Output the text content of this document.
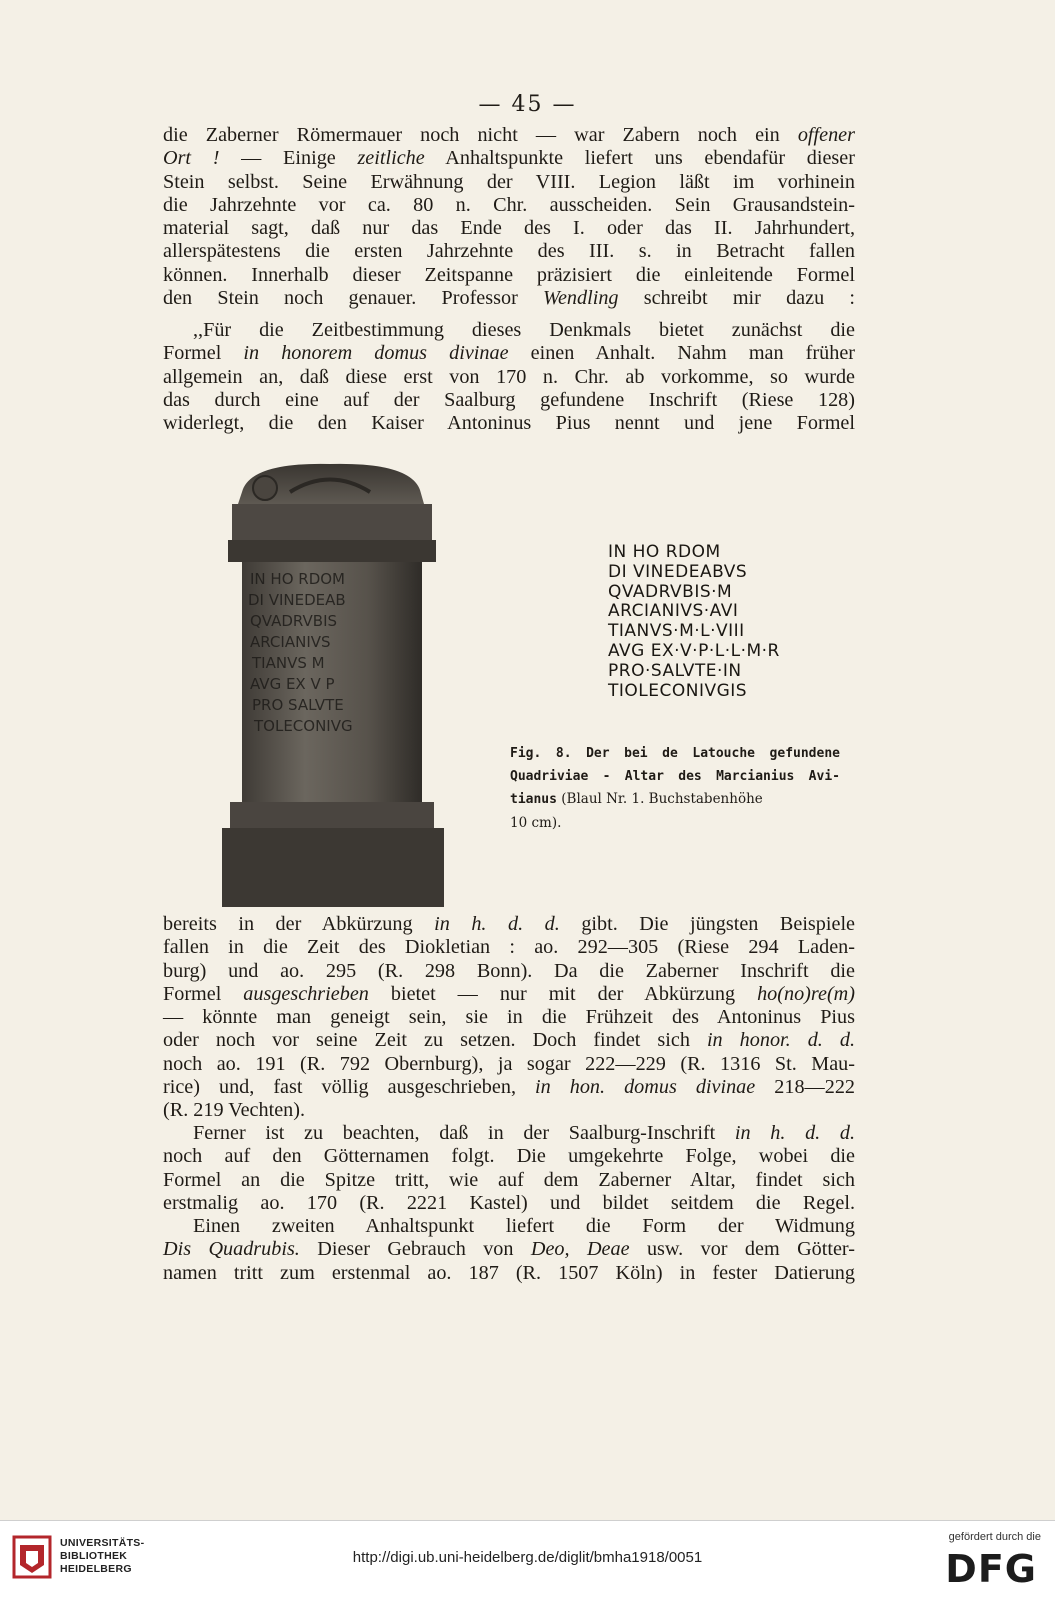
— 45 —
die Zaberner Römermauer noch nicht — war Zabern noch ein offener
Ort ! — Einige zeitliche Anhaltspunkte liefert uns ebendafür dieser
Stein selbst. Seine Erwähnung der VIII. Legion läßt im vorhinein
die Jahrzehnte vor ca. 80 n. Chr. ausscheiden. Sein Grausandstein-
material sagt, daß nur das Ende des I. oder das II. Jahrhundert,
allerspätestens die ersten Jahrzehnte des III. s. in Betracht fallen
können. Innerhalb dieser Zeitspanne präzisiert die einleitende Formel
den Stein noch genauer. Professor Wendling schreibt mir dazu :
,,Für die Zeitbestimmung dieses Denkmals bietet zunächst die
Formel in honorem domus divinae einen Anhalt. Nahm man früher
allgemein an, daß diese erst von 170 n. Chr. ab vorkomme, so wurde
das durch eine auf der Saalburg gefundene Inschrift (Riese 128)
widerlegt, die den Kaiser Antoninus Pius nennt und jene Formel
IN HO RDOM
DI VINEDEAB
QVADRVBIS
ARCIANIVS
TIANVS M
AVG EX V P
PRO SALVTE
TOLECONIVG
IN HO RDOM
DI VINEDEABVS
QVADRVBIS·M
ARCIANIVS·AVI
TIANVS·M·L·VIII
AVG EX·V·P·L·L·M·R
PRO·SALVTE·IN
TIOLECONIVGIS
Fig. 8. Der bei de Latouche gefundene
Quadriviae - Altar des Marcianius Avi-
tianus (Blaul Nr. 1. Buchstabenhöhe
10 cm).
bereits in der Abkürzung in h. d. d. gibt. Die jüngsten Beispiele
fallen in die Zeit des Diokletian : ao. 292—305 (Riese 294 Laden-
burg) und ao. 295 (R. 298 Bonn). Da die Zaberner Inschrift die
Formel ausgeschrieben bietet — nur mit der Abkürzung ho(no)re(m)
— könnte man geneigt sein, sie in die Frühzeit des Antoninus Pius
oder noch vor seine Zeit zu setzen. Doch findet sich in honor. d. d.
noch ao. 191 (R. 792 Obernburg), ja sogar 222—229 (R. 1316 St. Mau-
rice) und, fast völlig ausgeschrieben, in hon. domus divinae 218—222
(R. 219 Vechten).
Ferner ist zu beachten, daß in der Saalburg-Inschrift in h. d. d.
noch auf den Götternamen folgt. Die umgekehrte Folge, wobei die
Formel an die Spitze tritt, wie auf dem Zaberner Altar, findet sich
erstmalig ao. 170 (R. 2221 Kastel) und bildet seitdem die Regel.
Einen zweiten Anhaltspunkt liefert die Form der Widmung
Dis Quadrubis. Dieser Gebrauch von Deo, Deae usw. vor dem Götter-
namen tritt zum erstenmal ao. 187 (R. 1507 Köln) in fester Datierung
UNIVERSITÄTS-
BIBLIOTHEK
HEIDELBERG
http://digi.ub.uni-heidelberg.de/diglit/bmha1918/0051
gefördert durch die
DFG
